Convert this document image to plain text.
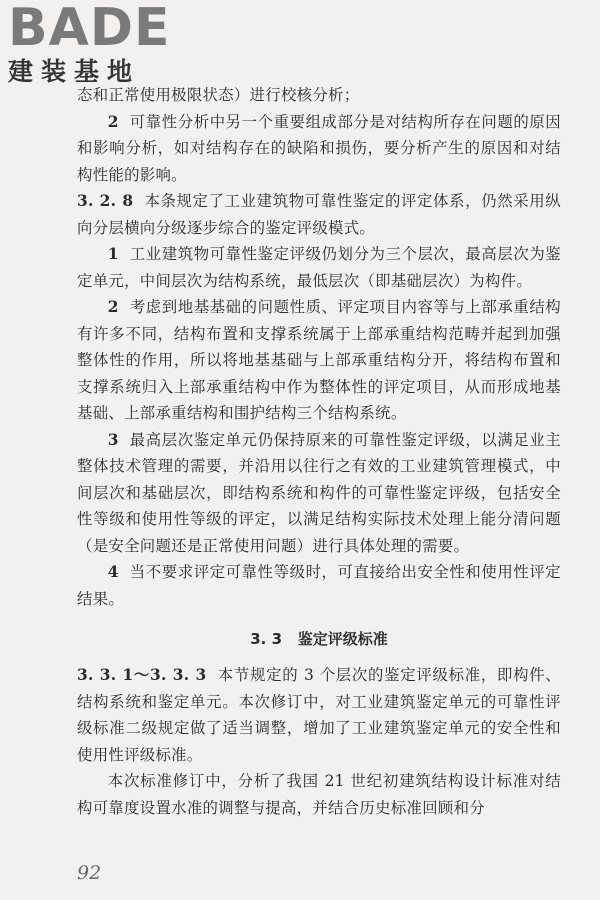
BADE
建装基地

态和正常使用极限状态）进行校核分析；

2 可靠性分析中另一个重要组成部分是对结构所存在问题的原因和影响分析，如对结构存在的缺陷和损伤，要分析产生的原因和对结构性能的影响。

3. 2. 8 本条规定了工业建筑物可靠性鉴定的评定体系，仍然采用纵向分层横向分级逐步综合的鉴定评级模式。

1 工业建筑物可靠性鉴定评级仍划分为三个层次，最高层次为鉴定单元，中间层次为结构系统，最低层次（即基础层次）为构件。

2 考虑到地基基础的问题性质、评定项目内容等与上部承重结构有许多不同，结构布置和支撑系统属于上部承重结构范畴并起到加强整体性的作用，所以将地基基础与上部承重结构分开，将结构布置和支撑系统归入上部承重结构中作为整体性的评定项目，从而形成地基基础、上部承重结构和围护结构三个结构系统。

3 最高层次鉴定单元仍保持原来的可靠性鉴定评级，以满足业主整体技术管理的需要，并沿用以往行之有效的工业建筑管理模式，中间层次和基础层次，即结构系统和构件的可靠性鉴定评级，包括安全性等级和使用性等级的评定，以满足结构实际技术处理上能分清问题（是安全问题还是正常使用问题）进行具体处理的需要。

4 当不要求评定可靠性等级时，可直接给出安全性和使用性评定结果。

3. 3 鉴定评级标准

3. 3. 1～3. 3. 3 本节规定的 3 个层次的鉴定评级标准，即构件、结构系统和鉴定单元。本次修订中，对工业建筑鉴定单元的可靠性评级标准二级规定做了适当调整，增加了工业建筑鉴定单元的安全性和使用性评级标准。

本次标准修订中，分析了我国 21 世纪初建筑结构设计标准对结构可靠度设置水准的调整与提高，并结合历史标准回顾和分

92
